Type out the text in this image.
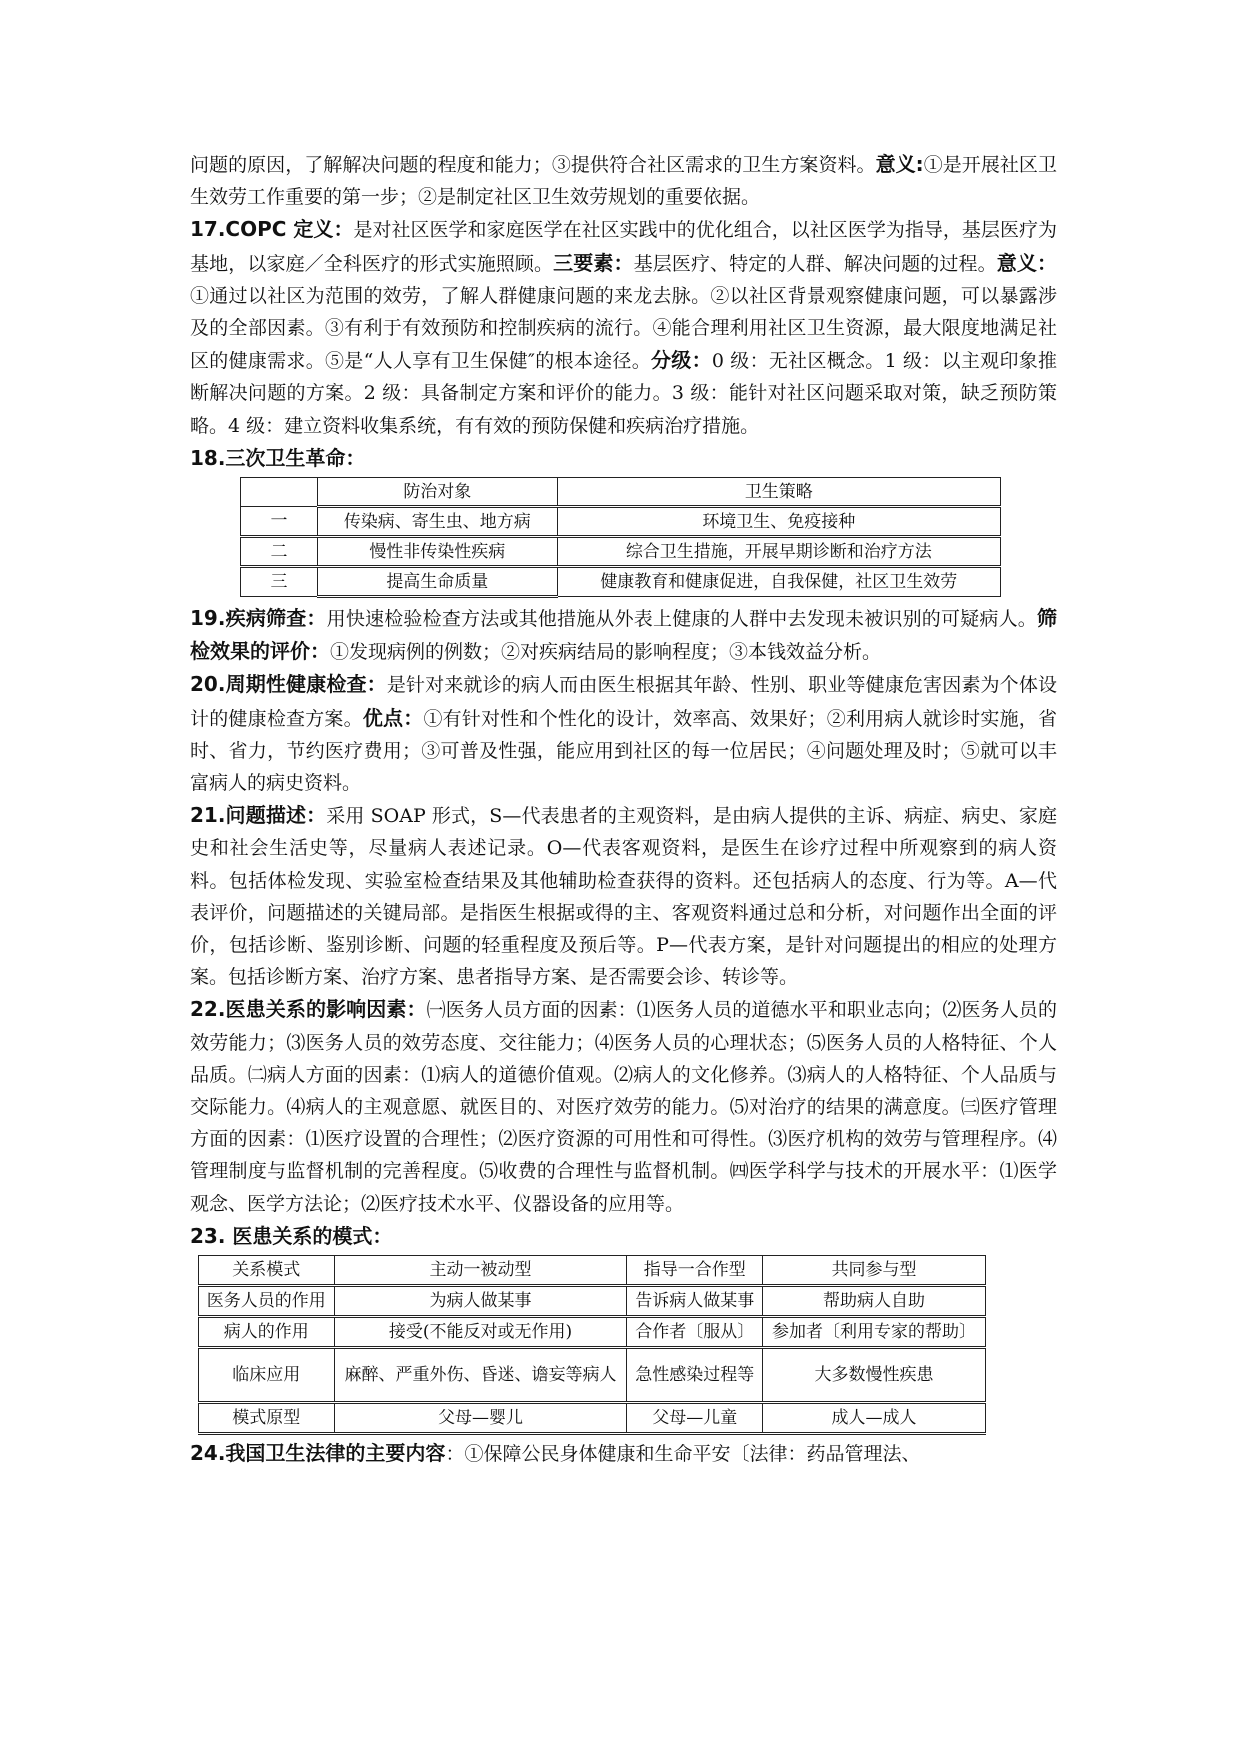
问题的原因，了解解决问题的程度和能力；③提供符合社区需求的卫生方案资料。意义:①是开展社区卫生效劳工作重要的第一步；②是制定社区卫生效劳规划的重要依据。

17.COPC 定义：是对社区医学和家庭医学在社区实践中的优化组合，以社区医学为指导，基层医疗为基地，以家庭／全科医疗的形式实施照顾。三要素：基层医疗、特定的人群、解决问题的过程。意义：①通过以社区为范围的效劳，了解人群健康问题的来龙去脉。②以社区背景观察健康问题，可以暴露涉及的全部因素。③有利于有效预防和控制疾病的流行。④能合理利用社区卫生资源，最大限度地满足社区的健康需求。⑤是“人人享有卫生保健″的根本途径。分级：0 级：无社区概念。1 级：以主观印象推断解决问题的方案。2 级：具备制定方案和评价的能力。3 级：能针对社区问题采取对策，缺乏预防策略。4 级：建立资料收集系统，有有效的预防保健和疾病治疗措施。

18.三次卫生革命：

	防治对象	卫生策略
一	传染病、寄生虫、地方病	环境卫生、免疫接种
二	慢性非传染性疾病	综合卫生措施，开展早期诊断和治疗方法
三	提高生命质量	健康教育和健康促进，自我保健，社区卫生效劳

19.疾病筛查：用快速检验检查方法或其他措施从外表上健康的人群中去发现未被识别的可疑病人。筛检效果的评价：①发现病例的例数；②对疾病结局的影响程度；③本钱效益分析。

20.周期性健康检查：是针对来就诊的病人而由医生根据其年龄、性别、职业等健康危害因素为个体设计的健康检查方案。优点：①有针对性和个性化的设计，效率高、效果好；②利用病人就诊时实施，省时、省力，节约医疗费用；③可普及性强，能应用到社区的每一位居民；④问题处理及时；⑤就可以丰富病人的病史资料。

21.问题描述：采用 SOAP 形式，S—代表患者的主观资料，是由病人提供的主诉、病症、病史、家庭史和社会生活史等，尽量病人表述记录。O—代表客观资料，是医生在诊疗过程中所观察到的病人资料。包括体检发现、实验室检查结果及其他辅助检查获得的资料。还包括病人的态度、行为等。A—代表评价，问题描述的关键局部。是指医生根据或得的主、客观资料通过总和分析，对问题作出全面的评价，包括诊断、鉴别诊断、问题的轻重程度及预后等。P—代表方案，是针对问题提出的相应的处理方案。包括诊断方案、治疗方案、患者指导方案、是否需要会诊、转诊等。

22.医患关系的影响因素：㈠医务人员方面的因素：⑴医务人员的道德水平和职业志向；⑵医务人员的效劳能力；⑶医务人员的效劳态度、交往能力；⑷医务人员的心理状态；⑸医务人员的人格特征、个人品质。㈡病人方面的因素：⑴病人的道德价值观。⑵病人的文化修养。⑶病人的人格特征、个人品质与交际能力。⑷病人的主观意愿、就医目的、对医疗效劳的能力。⑸对治疗的结果的满意度。㈢医疗管理方面的因素：⑴医疗设置的合理性；⑵医疗资源的可用性和可得性。⑶医疗机构的效劳与管理程序。⑷管理制度与监督机制的完善程度。⑸收费的合理性与监督机制。㈣医学科学与技术的开展水平：⑴医学观念、医学方法论；⑵医疗技术水平、仪器设备的应用等。

23. 医患关系的模式：

关系模式	主动一被动型	指导一合作型	共同参与型
医务人员的作用	为病人做某事	告诉病人做某事	帮助病人自助
病人的作用	接受(不能反对或无作用)	合作者〔服从〕	参加者〔利用专家的帮助〕
临床应用	麻醉、严重外伤、昏迷、谵妄等病人	急性感染过程等	大多数慢性疾患
模式原型	父母—婴儿	父母—儿童	成人—成人

24.我国卫生法律的主要内容：①保障公民身体健康和生命平安〔法律：药品管理法、
